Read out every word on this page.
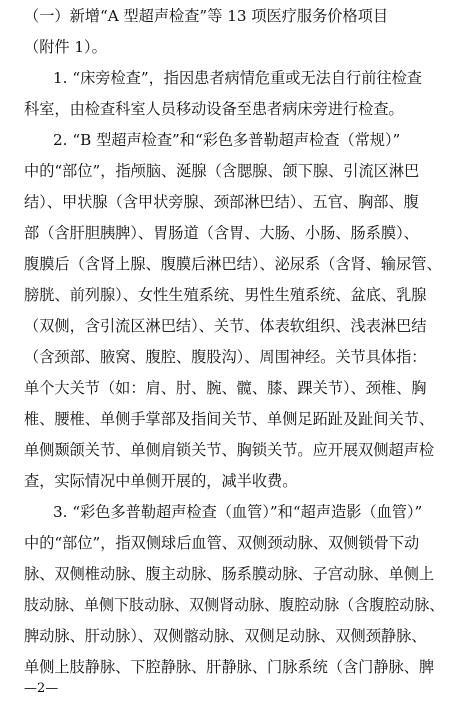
（一）新增“A 型超声检查”等 13 项医疗服务价格项目
（附件 1）。
1. “床旁检查”，指因患者病情危重或无法自行前往检查
科室，由检查科室人员移动设备至患者病床旁进行检查。
2. “B 型超声检查”和“彩色多普勒超声检查（常规）”
中的“部位”，指颅脑、涎腺（含腮腺、颌下腺、引流区淋巴
结）、甲状腺（含甲状旁腺、颈部淋巴结）、五官、胸部、腹
部（含肝胆胰脾）、胃肠道（含胃、大肠、小肠、肠系膜）、
腹膜后（含肾上腺、腹膜后淋巴结）、泌尿系（含肾、输尿管、
膀胱、前列腺）、女性生殖系统、男性生殖系统、盆底、乳腺
（双侧，含引流区淋巴结）、关节、体表软组织、浅表淋巴结
（含颈部、腋窝、腹腔、腹股沟）、周围神经。关节具体指：
单个大关节（如：肩、肘、腕、髋、膝、踝关节）、颈椎、胸
椎、腰椎、单侧手掌部及指间关节、单侧足跖趾及趾间关节、
单侧颞颌关节、单侧肩锁关节、胸锁关节。应开展双侧超声检
查，实际情况中单侧开展的，减半收费。
3. “彩色多普勒超声检查（血管）”和“超声造影（血管）”
中的“部位”，指双侧球后血管、双侧颈动脉、双侧锁骨下动
脉、双侧椎动脉、腹主动脉、肠系膜动脉、子宫动脉、单侧上
肢动脉、单侧下肢动脉、双侧肾动脉、腹腔动脉（含腹腔动脉、
脾动脉、肝动脉）、双侧髂动脉、双侧足动脉、双侧颈静脉、
单侧上肢静脉、下腔静脉、肝静脉、门脉系统（含门静脉、脾
—2—
